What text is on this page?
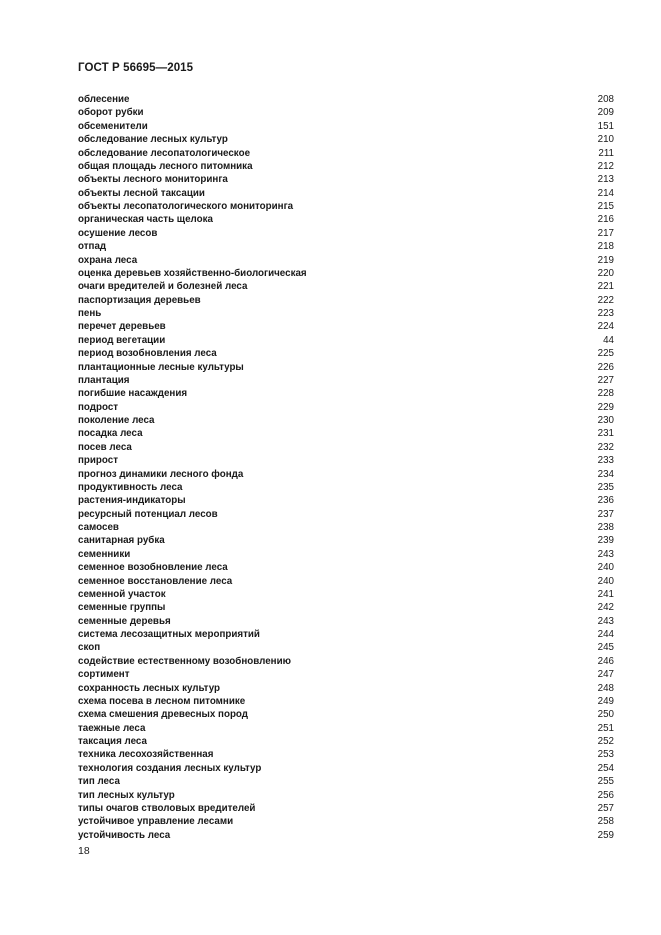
ГОСТ Р 56695—2015
облесение	208
оборот рубки	209
обсеменители	151
обследование лесных культур	210
обследование лесопатологическое	211
общая площадь лесного питомника	212
объекты лесного мониторинга	213
объекты лесной таксации	214
объекты лесопатологического мониторинга	215
органическая часть щелока	216
осушение лесов	217
отпад	218
охрана леса	219
оценка деревьев хозяйственно-биологическая	220
очаги вредителей и болезней леса	221
паспортизация деревьев	222
пень	223
перечет деревьев	224
период вегетации	44
период возобновления леса	225
плантационные лесные культуры	226
плантация	227
погибшие насаждения	228
подрост	229
поколение леса	230
посадка леса	231
посев леса	232
прирост	233
прогноз динамики лесного фонда	234
продуктивность леса	235
растения-индикаторы	236
ресурсный потенциал лесов	237
самосев	238
санитарная рубка	239
семенники	243
семенное возобновление леса	240
семенное восстановление леса	240
семенной участок	241
семенные группы	242
семенные деревья	243
система лесозащитных мероприятий	244
скоп	245
содействие естественному возобновлению	246
сортимент	247
сохранность лесных культур	248
схема посева в лесном питомнике	249
схема смешения древесных пород	250
таежные леса	251
таксация леса	252
техника лесохозяйственная	253
технология создания лесных культур	254
тип леса	255
тип лесных культур	256
типы очагов стволовых вредителей	257
устойчивое управление лесами	258
устойчивость леса	259
18
